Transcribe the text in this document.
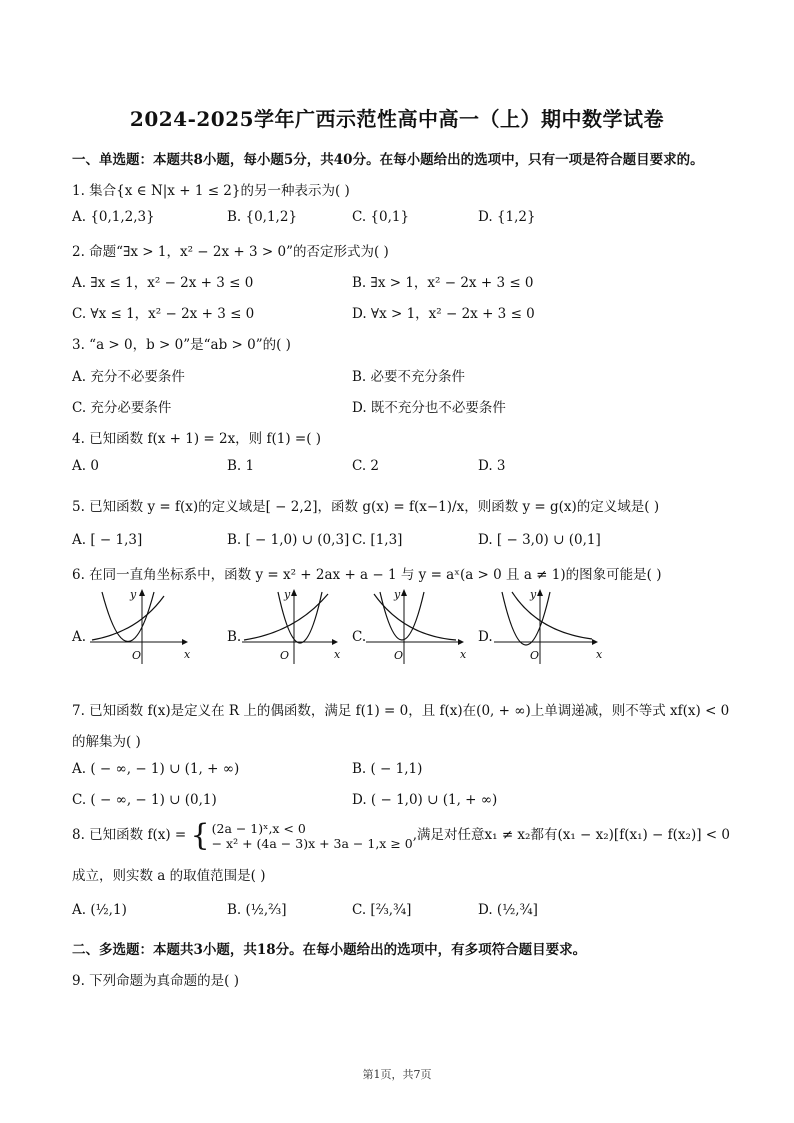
2024-2025学年广西示范性高中高一（上）期中数学试卷
一、单选题：本题共8小题，每小题5分，共40分。在每小题给出的选项中，只有一项是符合题目要求的。
1. 集合{x ∈ N|x + 1 ≤ 2}的另一种表示为( )
A. {0,1,2,3}	B. {0,1,2}	C. {0,1}	D. {1,2}
2. 命题“∃x > 1，x² − 2x + 3 > 0”的否定形式为( )
A. ∃x ≤ 1，x² − 2x + 3 ≤ 0	B. ∃x > 1，x² − 2x + 3 ≤ 0
C. ∀x ≤ 1，x² − 2x + 3 ≤ 0	D. ∀x > 1，x² − 2x + 3 ≤ 0
3. “a > 0，b > 0”是“ab > 0”的( )
A. 充分不必要条件	B. 必要不充分条件
C. 充分必要条件	D. 既不充分也不必要条件
4. 已知函数 f(x + 1) = 2x，则 f(1) =( )
A. 0	B. 1	C. 2	D. 3
5. 已知函数 y = f(x)的定义域是[ − 2,2]，函数 g(x) = f(x−1)/x，则函数 y = g(x)的定义域是( )
A. [ − 1,3]	B. [ − 1,0) ∪ (0,3] C. [1,3]	D. [ − 3,0) ∪ (0,1]
6. 在同一直角坐标系中，函数 y = x² + 2ax + a − 1 与 y = aˣ(a > 0 且 a ≠ 1)的图象可能是( )
A.
y
x
O
B.
y
x
O
C.
y
x
O
D.
y
x
O
7. 已知函数 f(x)是定义在 R 上的偶函数，满足 f(1) = 0，且 f(x)在(0, + ∞)上单调递减，则不等式 xf(x) < 0
的解集为( )
A. ( − ∞, − 1) ∪ (1, + ∞)	B. ( − 1,1)
C. ( − ∞, − 1) ∪ (0,1)	D. ( − 1,0) ∪ (1, + ∞)
8. 已知函数 f(x) = { (2a − 1)ˣ,x < 0
− x² + (4a − 3)x + 3a − 1,x ≥ 0,满足对任意x₁ ≠ x₂都有(x₁ − x₂)[f(x₁) − f(x₂)] < 0
成立，则实数 a 的取值范围是( )
A. (½,1)	B. (½,⅔]	C. [⅔,¾]	D. (½,¾]
二、多选题：本题共3小题，共18分。在每小题给出的选项中，有多项符合题目要求。
9. 下列命题为真命题的是( )
第1页，共7页
